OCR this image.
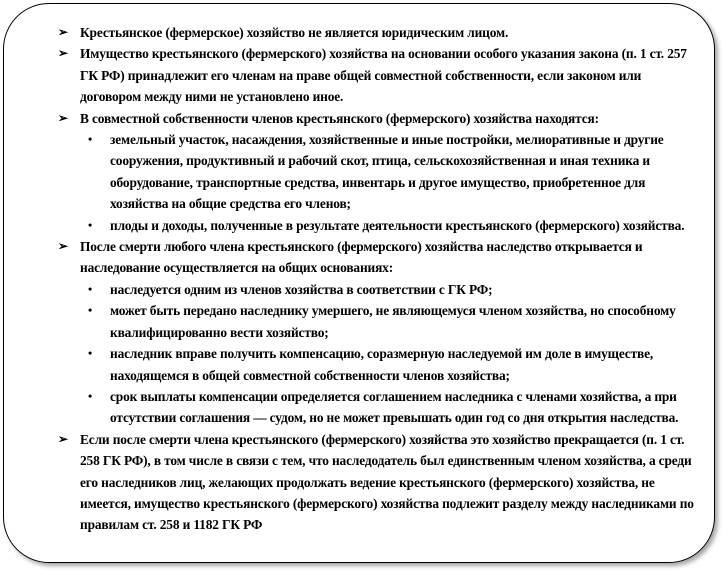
➢ Крестьянское (фермерское) хозяйство не является юридическим лицом.
➢ Имущество крестьянского (фермерского) хозяйства на основании особого указания закона (п. 1 ст. 257 ГК РФ) принадлежит его членам на праве общей совместной собственности, если законом или договором между ними не установлено иное.
➢ В совместной собственности членов крестьянского (фермерского) хозяйства находятся:
• земельный участок, насаждения, хозяйственные и иные постройки, мелиоративные и другие сооружения, продуктивный и рабочий скот, птица, сельскохозяйственная и иная техника и оборудование, транспортные средства, инвентарь и другое имущество, приобретенное для хозяйства на общие средства его членов;
• плоды и доходы, полученные в результате деятельности крестьянского (фермерского) хозяйства.
➢ После смерти любого члена крестьянского (фермерского) хозяйства наследство открывается и наследование осуществляется на общих основаниях:
• наследуется одним из членов хозяйства в соответствии с ГК РФ;
• может быть передано наследнику умершего, не являющемуся членом хозяйства, но способному квалифицированно вести хозяйство;
• наследник вправе получить компенсацию, соразмерную наследуемой им доле в имуществе, находящемся в общей совместной собственности членов хозяйства;
• срок выплаты компенсации определяется соглашением наследника с членами хозяйства, а при отсутствии соглашения — судом, но не может превышать один год со дня открытия наследства.
➢ Если после смерти члена крестьянского (фермерского) хозяйства это хозяйство прекращается (п. 1 ст. 258 ГК РФ), в том числе в связи с тем, что наследодатель был единственным членом хозяйства, а среди его наследников лиц, желающих продолжать ведение крестьянского (фермерского) хозяйства, не имеется, имущество крестьянского (фермерского) хозяйства подлежит разделу между наследниками по правилам ст. 258 и 1182 ГК РФ
